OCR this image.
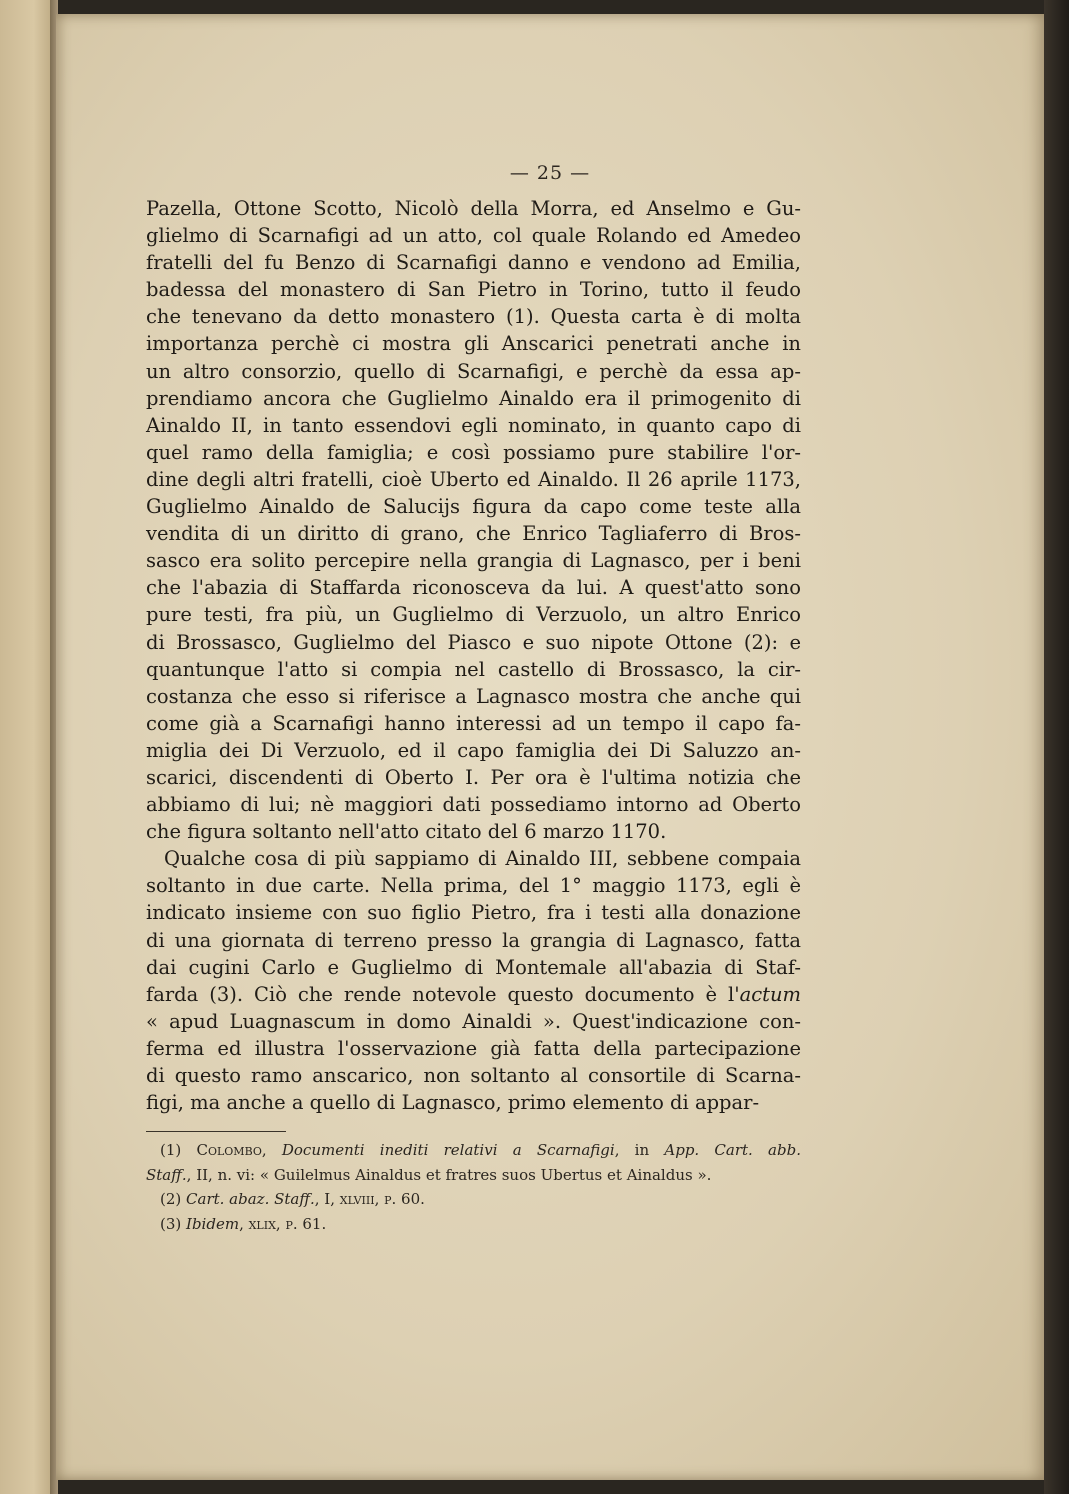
— 25 —
Pazella, Ottone Scotto, Nicolò della Morra, ed Anselmo e Gu-
glielmo di Scarnafigi ad un atto, col quale Rolando ed Amedeo
fratelli del fu Benzo di Scarnafigi danno e vendono ad Emilia,
badessa del monastero di San Pietro in Torino, tutto il feudo
che tenevano da detto monastero (1). Questa carta è di molta
importanza perchè ci mostra gli Anscarici penetrati anche in
un altro consorzio, quello di Scarnafigi, e perchè da essa ap-
prendiamo ancora che Guglielmo Ainaldo era il primogenito di
Ainaldo II, in tanto essendovi egli nominato, in quanto capo di
quel ramo della famiglia; e così possiamo pure stabilire l'or-
dine degli altri fratelli, cioè Uberto ed Ainaldo. Il 26 aprile 1173,
Guglielmo Ainaldo de Salucijs figura da capo come teste alla
vendita di un diritto di grano, che Enrico Tagliaferro di Bros-
sasco era solito percepire nella grangia di Lagnasco, per i beni
che l'abazia di Staffarda riconosceva da lui. A quest'atto sono
pure testi, fra più, un Guglielmo di Verzuolo, un altro Enrico
di Brossasco, Guglielmo del Piasco e suo nipote Ottone (2): e
quantunque l'atto si compia nel castello di Brossasco, la cir-
costanza che esso si riferisce a Lagnasco mostra che anche qui
come già a Scarnafigi hanno interessi ad un tempo il capo fa-
miglia dei Di Verzuolo, ed il capo famiglia dei Di Saluzzo an-
scarici, discendenti di Oberto I. Per ora è l'ultima notizia che
abbiamo di lui; nè maggiori dati possediamo intorno ad Oberto
che figura soltanto nell'atto citato del 6 marzo 1170.
Qualche cosa di più sappiamo di Ainaldo III, sebbene compaia
soltanto in due carte. Nella prima, del 1° maggio 1173, egli è
indicato insieme con suo figlio Pietro, fra i testi alla donazione
di una giornata di terreno presso la grangia di Lagnasco, fatta
dai cugini Carlo e Guglielmo di Montemale all'abazia di Staf-
farda (3). Ciò che rende notevole questo documento è l'actum
« apud Luagnascum in domo Ainaldi ». Quest'indicazione con-
ferma ed illustra l'osservazione già fatta della partecipazione
di questo ramo anscarico, non soltanto al consortile di Scarna-
figi, ma anche a quello di Lagnasco, primo elemento di appar-
(1) Colombo, Documenti inediti relativi a Scarnafigi, in App. Cart. abb.
Staff., II, n. vi: « Guilelmus Ainaldus et fratres suos Ubertus et Ainaldus ».
(2) Cart. abaz. Staff., I, xlviii, p. 60.
(3) Ibidem, xlix, p. 61.
